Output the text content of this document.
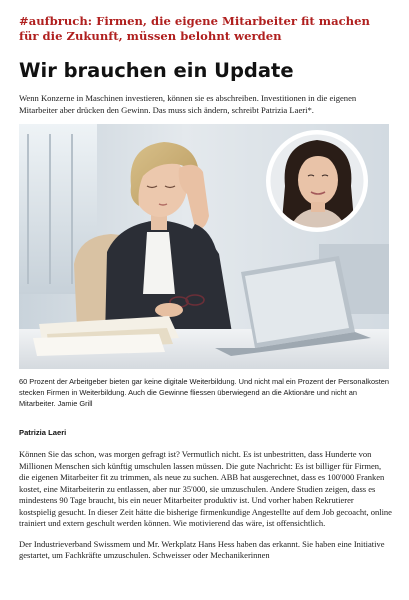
#aufbruch: Firmen, die eigene Mitarbeiter fit machen für die Zukunft, müssen belohnt werden

Wir brauchen ein Update

Wenn Konzerne in Maschinen investieren, können sie es abschreiben. Investitionen in die eigenen Mitarbeiter aber drücken den Gewinn. Das muss sich ändern, schreibt Patrizia Laeri*.

60 Prozent der Arbeitgeber bieten gar keine digitale Weiterbildung. Und nicht mal ein Prozent der Personalkosten stecken Firmen in Weiterbildung. Auch die Gewinne fliessen überwiegend an die Aktionäre und nicht an Mitarbeiter. Jamie Grill

Patrizia Laeri

Können Sie das schon, was morgen gefragt ist? Vermutlich nicht. Es ist unbestritten, dass Hunderte von Millionen Menschen sich künftig umschulen lassen müssen. Die gute Nachricht: Es ist billiger für Firmen, die eigenen Mitarbeiter fit zu trimmen, als neue zu suchen. ABB hat ausgerechnet, dass es 100'000 Franken kostet, eine Mitarbeiterin zu entlassen, aber nur 35'000, sie umzuschulen. Andere Studien zeigen, dass es mindestens 90 Tage braucht, bis ein neuer Mitarbeiter produktiv ist. Und vorher haben Rekrutierer kostspielig gesucht. In dieser Zeit hätte die bisherige firmenkundige Angestellte auf dem Job gecoacht, online trainiert und extern geschult werden können. Wie motivierend das wäre, ist offensichtlich.

Der Industrieverband Swissmem und Mr. Werkplatz Hans Hess haben das erkannt. Sie haben eine Initiative gestartet, um Fachkräfte umzuschulen. Schweisser oder Mechanikerinnen
